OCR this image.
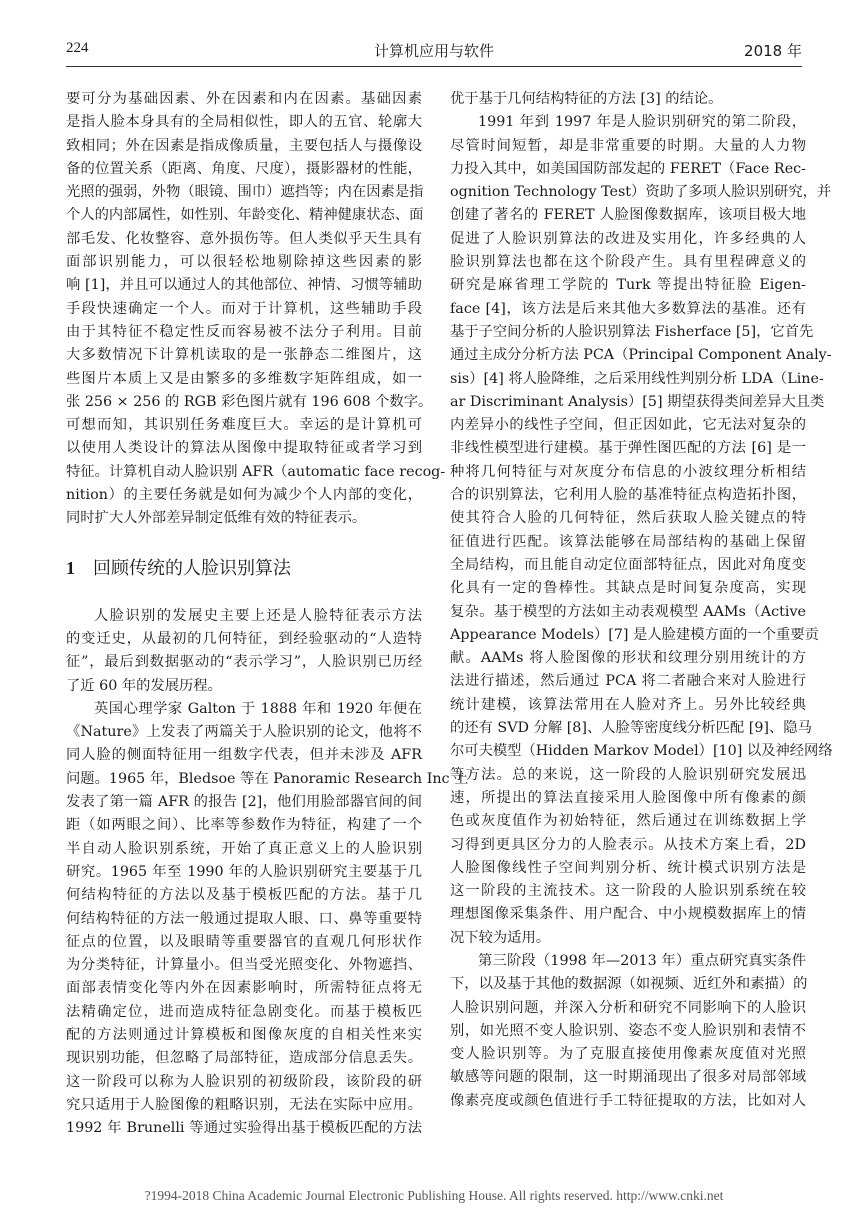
224	计算机应用与软件	2018 年
要可分为基础因素、外在因素和内在因素。基础因素
是指人脸本身具有的全局相似性，即人的五官、轮廓大
致相同；外在因素是指成像质量，主要包括人与摄像设
备的位置关系（距离、角度、尺度），摄影器材的性能，
光照的强弱，外物（眼镜、围巾）遮挡等；内在因素是指
个人的内部属性，如性别、年龄变化、精神健康状态、面
部毛发、化妆整容、意外损伤等。但人类似乎天生具有
面部识别能力，可以很轻松地剔除掉这些因素的影
响 [1]，并且可以通过人的其他部位、神情、习惯等辅助
手段快速确定一个人。而对于计算机，这些辅助手段
由于其特征不稳定性反而容易被不法分子利用。目前
大多数情况下计算机读取的是一张静态二维图片，这
些图片本质上又是由繁多的多维数字矩阵组成，如一
张 256 × 256 的 RGB 彩色图片就有 196 608 个数字。
可想而知，其识别任务难度巨大。幸运的是计算机可
以使用人类设计的算法从图像中提取特征或者学习到
特征。计算机自动人脸识别 AFR（automatic face recog-
nition）的主要任务就是如何为减少个人内部的变化，
同时扩大人外部差异制定低维有效的特征表示。
1 回顾传统的人脸识别算法
人脸识别的发展史主要上还是人脸特征表示方法
的变迁史，从最初的几何特征，到经验驱动的“人造特
征”，最后到数据驱动的“表示学习”，人脸识别已历经
了近 60 年的发展历程。
英国心理学家 Galton 于 1888 年和 1920 年便在
《Nature》上发表了两篇关于人脸识别的论文，他将不
同人脸的侧面特征用一组数字代表，但并未涉及 AFR
问题。1965 年，Bledsoe 等在 Panoramic Research Inc 上
发表了第一篇 AFR 的报告 [2]，他们用脸部器官间的间
距（如两眼之间）、比率等参数作为特征，构建了一个
半自动人脸识别系统，开始了真正意义上的人脸识别
研究。1965 年至 1990 年的人脸识别研究主要基于几
何结构特征的方法以及基于模板匹配的方法。基于几
何结构特征的方法一般通过提取人眼、口、鼻等重要特
征点的位置，以及眼睛等重要器官的直观几何形状作
为分类特征，计算量小。但当受光照变化、外物遮挡、
面部表情变化等内外在因素影响时，所需特征点将无
法精确定位，进而造成特征急剧变化。而基于模板匹
配的方法则通过计算模板和图像灰度的自相关性来实
现识别功能，但忽略了局部特征，造成部分信息丢失。
这一阶段可以称为人脸识别的初级阶段，该阶段的研
究只适用于人脸图像的粗略识别，无法在实际中应用。
1992 年 Brunelli 等通过实验得出基于模板匹配的方法
优于基于几何结构特征的方法 [3] 的结论。
1991 年到 1997 年是人脸识别研究的第二阶段，
尽管时间短暂，却是非常重要的时期。大量的人力物
力投入其中，如美国国防部发起的 FERET（Face Rec-
ognition Technology Test）资助了多项人脸识别研究，并
创建了著名的 FERET 人脸图像数据库，该项目极大地
促进了人脸识别算法的改进及实用化，许多经典的人
脸识别算法也都在这个阶段产生。具有里程碑意义的
研究是麻省理工学院的 Turk 等提出特征脸 Eigen-
face [4]，该方法是后来其他大多数算法的基准。还有
基于子空间分析的人脸识别算法 Fisherface [5]，它首先
通过主成分分析方法 PCA（Principal Component Analy-
sis）[4] 将人脸降维，之后采用线性判别分析 LDA（Line-
ar Discriminant Analysis）[5] 期望获得类间差异大且类
内差异小的线性子空间，但正因如此，它无法对复杂的
非线性模型进行建模。基于弹性图匹配的方法 [6] 是一
种将几何特征与对灰度分布信息的小波纹理分析相结
合的识别算法，它利用人脸的基准特征点构造拓扑图，
使其符合人脸的几何特征，然后获取人脸关键点的特
征值进行匹配。该算法能够在局部结构的基础上保留
全局结构，而且能自动定位面部特征点，因此对角度变
化具有一定的鲁棒性。其缺点是时间复杂度高，实现
复杂。基于模型的方法如主动表观模型 AAMs（Active
Appearance Models）[7] 是人脸建模方面的一个重要贡
献。AAMs 将人脸图像的形状和纹理分别用统计的方
法进行描述，然后通过 PCA 将二者融合来对人脸进行
统计建模，该算法常用在人脸对齐上。另外比较经典
的还有 SVD 分解 [8]、人脸等密度线分析匹配 [9]、隐马
尔可夫模型（Hidden Markov Model）[10] 以及神经网络
等方法。总的来说，这一阶段的人脸识别研究发展迅
速，所提出的算法直接采用人脸图像中所有像素的颜
色或灰度值作为初始特征，然后通过在训练数据上学
习得到更具区分力的人脸表示。从技术方案上看，2D
人脸图像线性子空间判别分析、统计模式识别方法是
这一阶段的主流技术。这一阶段的人脸识别系统在较
理想图像采集条件、用户配合、中小规模数据库上的情
况下较为适用。
第三阶段（1998 年—2013 年）重点研究真实条件
下，以及基于其他的数据源（如视频、近红外和素描）的
人脸识别问题，并深入分析和研究不同影响下的人脸识
别，如光照不变人脸识别、姿态不变人脸识别和表情不
变人脸识别等。为了克服直接使用像素灰度值对光照
敏感等问题的限制，这一时期涌现出了很多对局部邻域
像素亮度或颜色值进行手工特征提取的方法，比如对人
?1994-2018 China Academic Journal Electronic Publishing House. All rights reserved. http://www.cnki.net
